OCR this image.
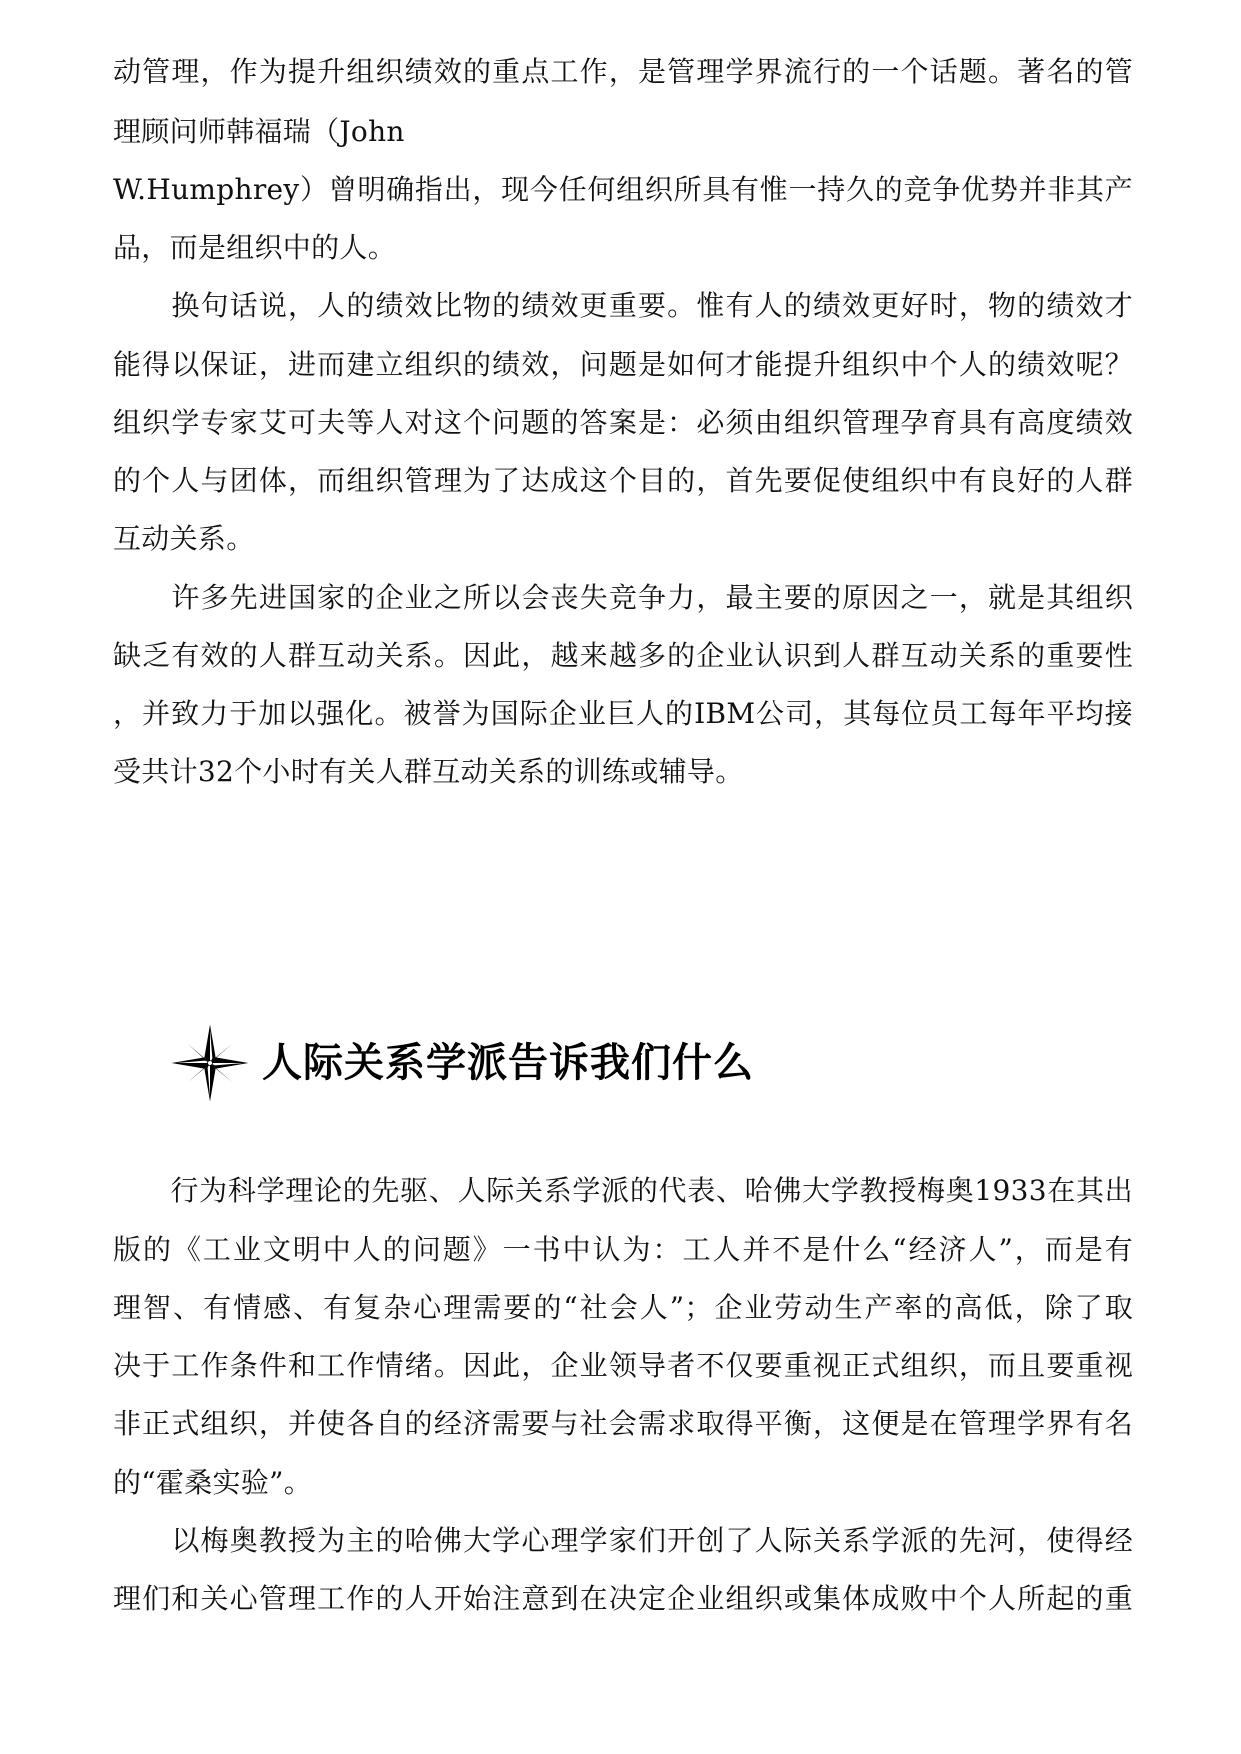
动管理，作为提升组织绩效的重点工作，是管理学界流行的一个话题。著名的管
理顾问师韩福瑞（John
W.Humphrey）曾明确指出，现今任何组织所具有惟一持久的竞争优势并非其产
品，而是组织中的人。
　　换句话说，人的绩效比物的绩效更重要。惟有人的绩效更好时，物的绩效才
能得以保证，进而建立组织的绩效，问题是如何才能提升组织中个人的绩效呢？
组织学专家艾可夫等人对这个问题的答案是：必须由组织管理孕育具有高度绩效
的个人与团体，而组织管理为了达成这个目的，首先要促使组织中有良好的人群
互动关系。
　　许多先进国家的企业之所以会丧失竞争力，最主要的原因之一，就是其组织
缺乏有效的人群互动关系。因此，越来越多的企业认识到人群互动关系的重要性
，并致力于加以强化。被誉为国际企业巨人的IBM公司，其每位员工每年平均接
受共计32个小时有关人群互动关系的训练或辅导。
人际关系学派告诉我们什么
　　行为科学理论的先驱、人际关系学派的代表、哈佛大学教授梅奥1933在其出
版的《工业文明中人的问题》一书中认为：工人并不是什么“经济人”，而是有
理智、有情感、有复杂心理需要的“社会人”；企业劳动生产率的高低，除了取
决于工作条件和工作情绪。因此，企业领导者不仅要重视正式组织，而且要重视
非正式组织，并使各自的经济需要与社会需求取得平衡，这便是在管理学界有名
的“霍桑实验”。
　　以梅奥教授为主的哈佛大学心理学家们开创了人际关系学派的先河，使得经
理们和关心管理工作的人开始注意到在决定企业组织或集体成败中个人所起的重
